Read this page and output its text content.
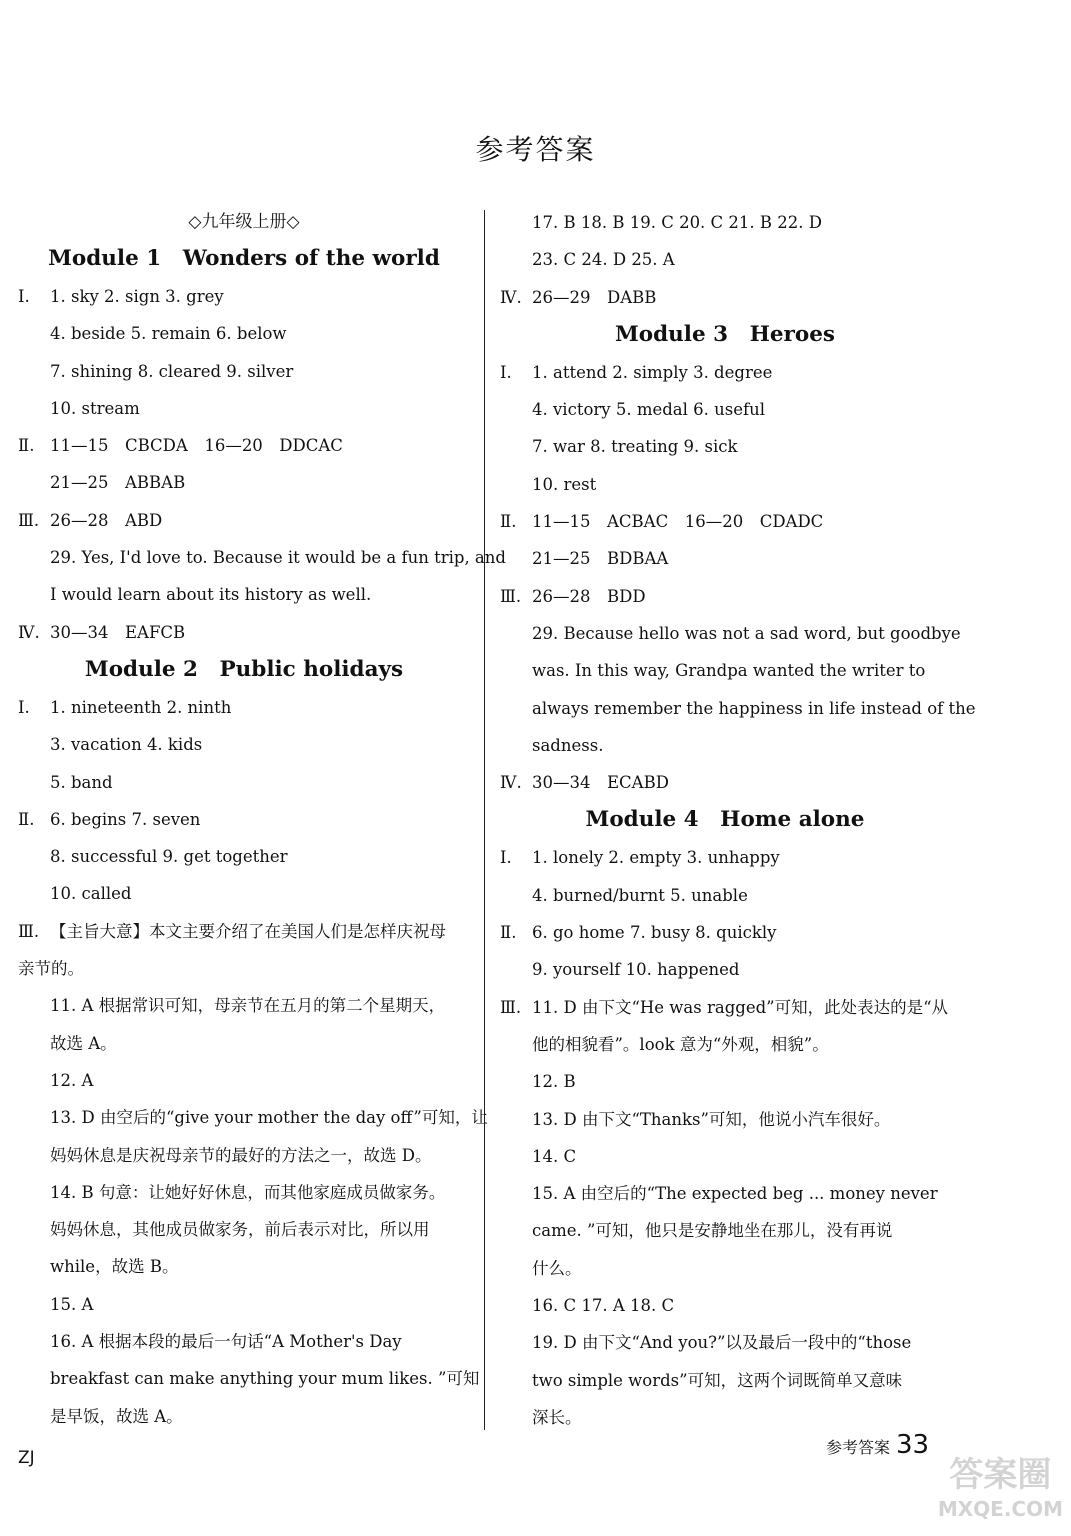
参考答案
◇九年级上册◇
Module 1　Wonders of the world
Ⅰ. 1. sky 2. sign 3. grey
4. beside 5. remain 6. below
7. shining 8. cleared 9. silver
10. stream
Ⅱ. 11—15　CBCDA　16—20　DDCAC
21—25　ABBAB
Ⅲ. 26—28　ABD
29. Yes, I'd love to. Because it would be a fun trip, and
I would learn about its history as well.
Ⅳ. 30—34　EAFCB
Module 2　Public holidays
Ⅰ. 1. nineteenth 2. ninth
3. vacation 4. kids
5. band
Ⅱ. 6. begins 7. seven
8. successful 9. get together
10. called
Ⅲ. 【主旨大意】本文主要介绍了在美国人们是怎样庆祝母
亲节的。
11. A 根据常识可知，母亲节在五月的第二个星期天，
故选 A。
12. A
13. D 由空后的“give your mother the day off”可知，让
妈妈休息是庆祝母亲节的最好的方法之一，故选 D。
14. B 句意：让她好好休息，而其他家庭成员做家务。
妈妈休息，其他成员做家务，前后表示对比，所以用
while，故选 B。
15. A
16. A 根据本段的最后一句话“A Mother's Day
breakfast can make anything your mum likes. ”可知
是早饭，故选 A。
17. B 18. B 19. C 20. C 21. B 22. D
23. C 24. D 25. A
Ⅳ. 26—29　DABB
Module 3　Heroes
Ⅰ. 1. attend 2. simply 3. degree
4. victory 5. medal 6. useful
7. war 8. treating 9. sick
10. rest
Ⅱ. 11—15　ACBAC　16—20　CDADC
21—25　BDBAA
Ⅲ. 26—28　BDD
29. Because hello was not a sad word, but goodbye
was. In this way, Grandpa wanted the writer to
always remember the happiness in life instead of the
sadness.
Ⅳ. 30—34　ECABD
Module 4　Home alone
Ⅰ. 1. lonely 2. empty 3. unhappy
4. burned/burnt 5. unable
Ⅱ. 6. go home 7. busy 8. quickly
9. yourself 10. happened
Ⅲ. 11. D 由下文“He was ragged”可知，此处表达的是“从
他的相貌看”。look 意为“外观，相貌”。
12. B
13. D 由下文“Thanks”可知，他说小汽车很好。
14. C
15. A 由空后的“The expected beg ... money never
came. ”可知，他只是安静地坐在那儿，没有再说
什么。
16. C 17. A 18. C
19. D 由下文“And you?”以及最后一段中的“those
two simple words”可知，这两个词既简单又意味
深长。
ZJ
参考答案 33
答案圈
MXQE.COM
